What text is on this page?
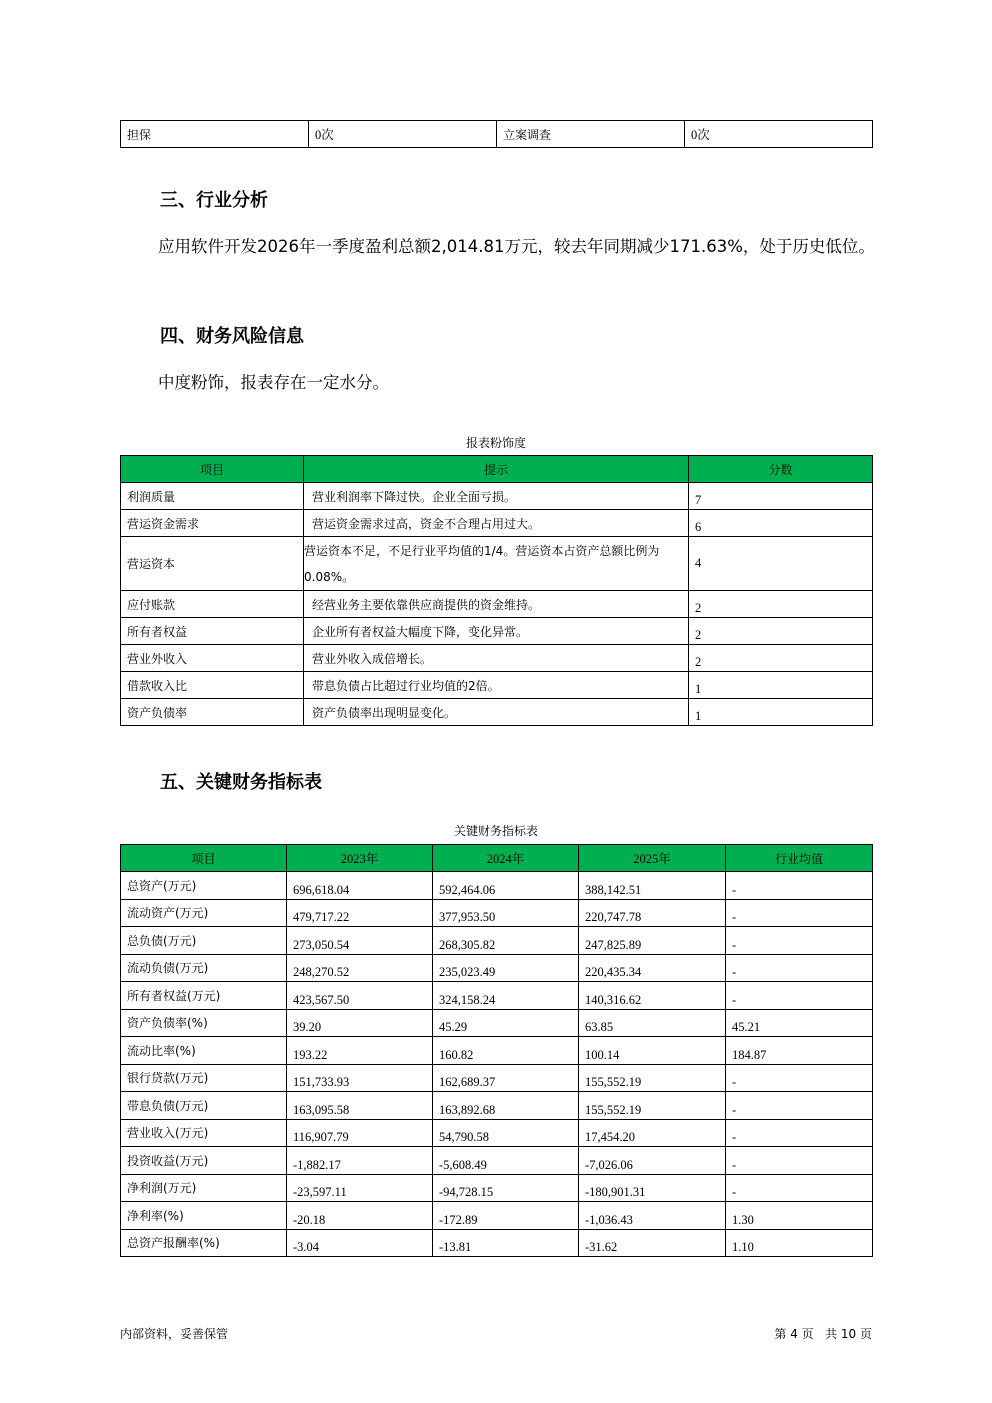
担保	0次	立案调查	0次
三、行业分析
应用软件开发2026年一季度盈利总额2,014.81万元，较去年同期减少171.63%，处于历史低位。
四、财务风险信息
中度粉饰，报表存在一定水分。
报表粉饰度
项目	提示	分数
利润质量	营业利润率下降过快。企业全面亏损。	7
营运资金需求	营运资金需求过高，资金不合理占用过大。	6
营运资本	营运资本不足，不足行业平均值的1/4。营运资本占资产总额比例为0.08%。	4
应付账款	经营业务主要依靠供应商提供的资金维持。	2
所有者权益	企业所有者权益大幅度下降，变化异常。	2
营业外收入	营业外收入成倍增长。	2
借款收入比	带息负债占比超过行业均值的2倍。	1
资产负债率	资产负债率出现明显变化。	1
五、关键财务指标表
关键财务指标表
项目	2023年	2024年	2025年	行业均值
总资产(万元)	696,618.04	592,464.06	388,142.51	-
流动资产(万元)	479,717.22	377,953.50	220,747.78	-
总负债(万元)	273,050.54	268,305.82	247,825.89	-
流动负债(万元)	248,270.52	235,023.49	220,435.34	-
所有者权益(万元)	423,567.50	324,158.24	140,316.62	-
资产负债率(%)	39.20	45.29	63.85	45.21
流动比率(%)	193.22	160.82	100.14	184.87
银行贷款(万元)	151,733.93	162,689.37	155,552.19	-
带息负债(万元)	163,095.58	163,892.68	155,552.19	-
营业收入(万元)	116,907.79	54,790.58	17,454.20	-
投资收益(万元)	-1,882.17	-5,608.49	-7,026.06	-
净利润(万元)	-23,597.11	-94,728.15	-180,901.31	-
净利率(%)	-20.18	-172.89	-1,036.43	1.30
总资产报酬率(%)	-3.04	-13.81	-31.62	1.10
内部资料，妥善保管	第 4 页   共 10 页
